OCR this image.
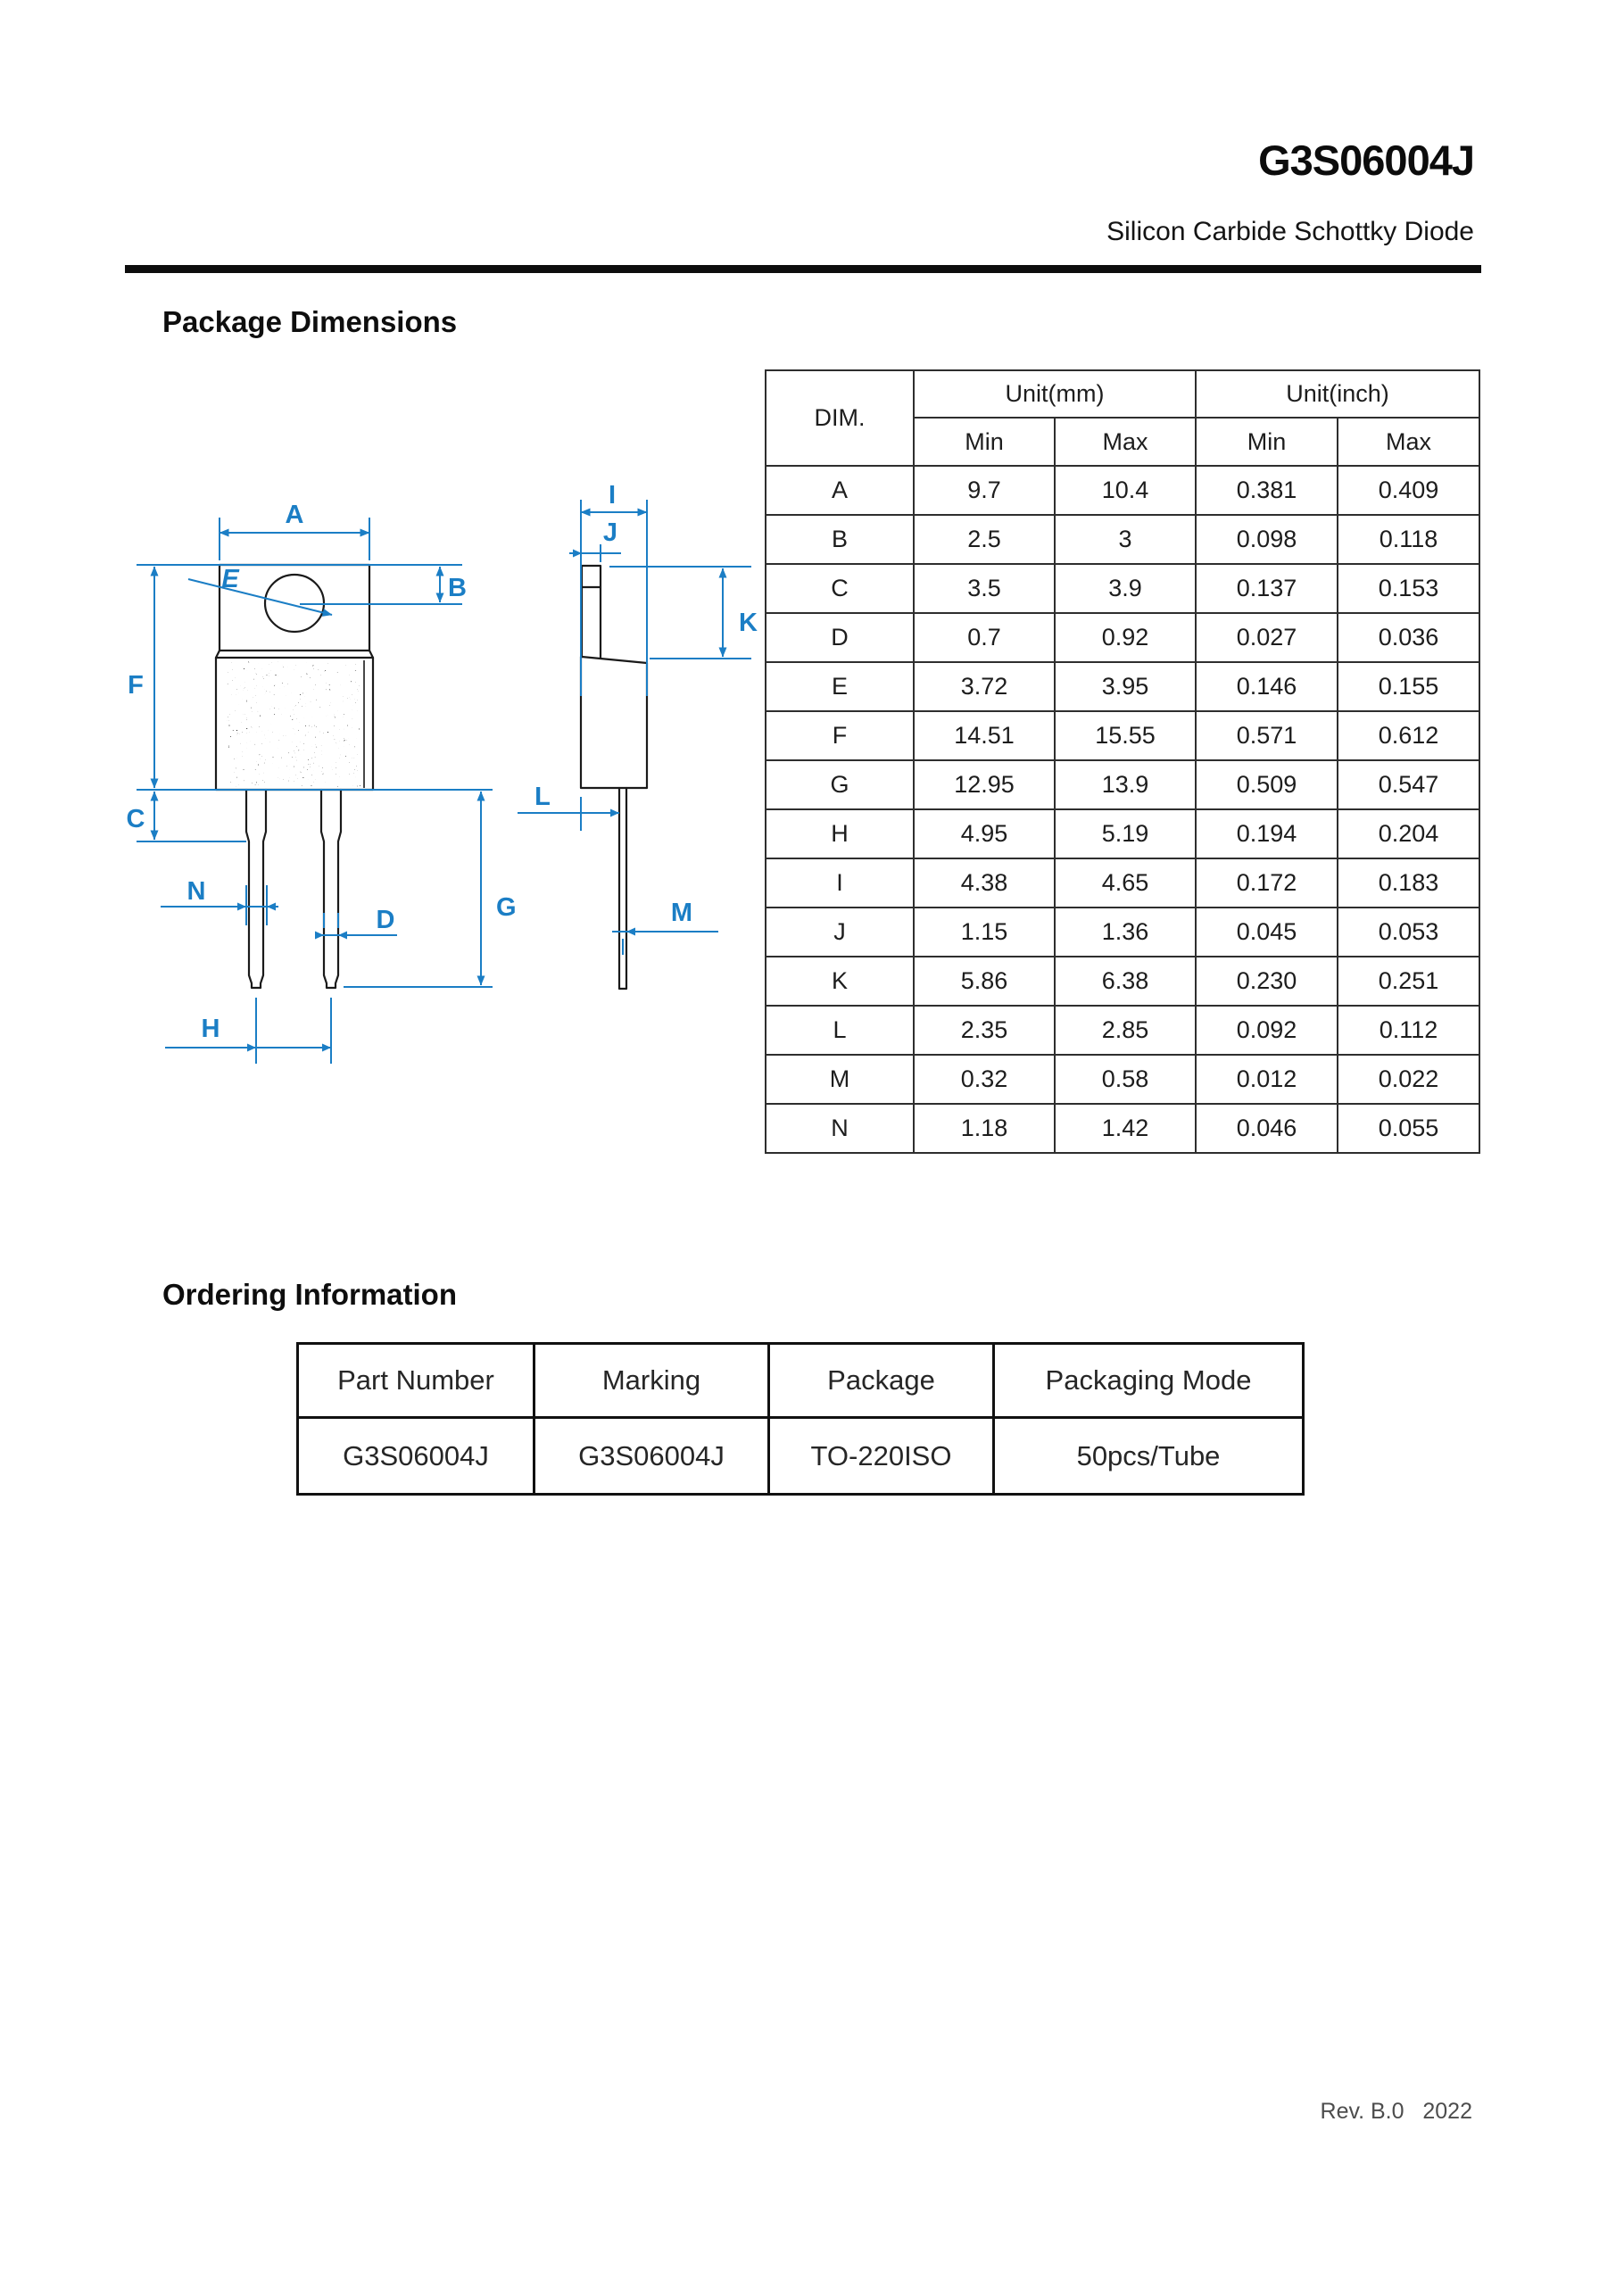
G3S06004J
Silicon Carbide Schottky Diode
Package Dimensions
A
B
E
F
C
N
D	G
H
I
J
K
L
M
DIM.	Unit(mm)		Unit(inch)	
	Min	Max	Min	Max
A	9.7	10.4	0.381	0.409
B	2.5	3	0.098	0.118
C	3.5	3.9	0.137	0.153
D	0.7	0.92	0.027	0.036
E	3.72	3.95	0.146	0.155
F	14.51	15.55	0.571	0.612
G	12.95	13.9	0.509	0.547
H	4.95	5.19	0.194	0.204
I	4.38	4.65	0.172	0.183
J	1.15	1.36	0.045	0.053
K	5.86	6.38	0.230	0.251
L	2.35	2.85	0.092	0.112
M	0.32	0.58	0.012	0.022
N	1.18	1.42	0.046	0.055
Ordering Information
Part Number	Marking	Package	Packaging Mode
G3S06004J	G3S06004J	TO-220ISO	50pcs/Tube
Rev. B.0   2022
